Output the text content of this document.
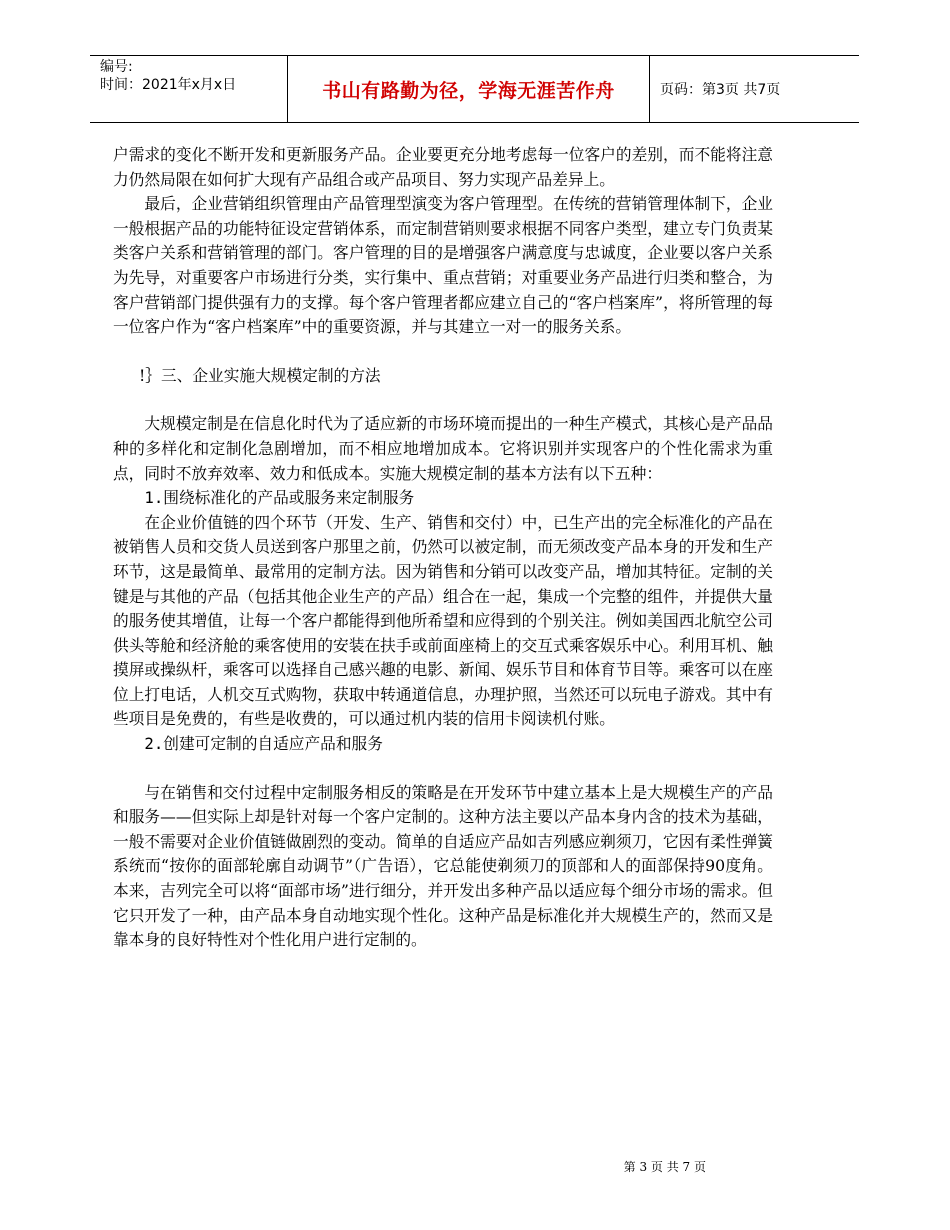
编号:
时间：2021年x月x日	书山有路勤为径，学海无涯苦作舟	页码：第3页 共7页

户需求的变化不断开发和更新服务产品。企业要更充分地考虑每一位客户的差别，而不能将注意力仍然局限在如何扩大现有产品组合或产品项目、努力实现产品差异上。

最后，企业营销组织管理由产品管理型演变为客户管理型。在传统的营销管理体制下，企业一般根据产品的功能特征设定营销体系，而定制营销则要求根据不同客户类型，建立专门负责某类客户关系和营销管理的部门。客户管理的目的是增强客户满意度与忠诚度，企业要以客户关系为先导，对重要客户市场进行分类，实行集中、重点营销；对重要业务产品进行归类和整合，为客户营销部门提供强有力的支撑。每个客户管理者都应建立自己的“客户档案库”，将所管理的每一位客户作为“客户档案库”中的重要资源，并与其建立一对一的服务关系。

!｝三、企业实施大规模定制的方法

大规模定制是在信息化时代为了适应新的市场环境而提出的一种生产模式，其核心是产品品种的多样化和定制化急剧增加，而不相应地增加成本。它将识别并实现客户的个性化需求为重点，同时不放弃效率、效力和低成本。实施大规模定制的基本方法有以下五种：

1.围绕标准化的产品或服务来定制服务

在企业价值链的四个环节（开发、生产、销售和交付）中，已生产出的完全标准化的产品在被销售人员和交货人员送到客户那里之前，仍然可以被定制，而无须改变产品本身的开发和生产环节，这是最简单、最常用的定制方法。因为销售和分销可以改变产品，增加其特征。定制的关键是与其他的产品（包括其他企业生产的产品）组合在一起，集成一个完整的组件，并提供大量的服务使其增值，让每一个客户都能得到他所希望和应得到的个别关注。例如美国西北航空公司供头等舱和经济舱的乘客使用的安装在扶手或前面座椅上的交互式乘客娱乐中心。利用耳机、触摸屏或操纵杆，乘客可以选择自己感兴趣的电影、新闻、娱乐节目和体育节目等。乘客可以在座位上打电话，人机交互式购物，获取中转通道信息，办理护照，当然还可以玩电子游戏。其中有些项目是免费的，有些是收费的，可以通过机内装的信用卡阅读机付账。

2.创建可定制的自适应产品和服务

与在销售和交付过程中定制服务相反的策略是在开发环节中建立基本上是大规模生产的产品和服务——但实际上却是针对每一个客户定制的。这种方法主要以产品本身内含的技术为基础，一般不需要对企业价值链做剧烈的变动。简单的自适应产品如吉列感应剃须刀，它因有柔性弹簧系统而“按你的面部轮廓自动调节”（广告语），它总能使剃须刀的顶部和人的面部保持90度角。本来，吉列完全可以将“面部市场”进行细分，并开发出多种产品以适应每个细分市场的需求。但它只开发了一种，由产品本身自动地实现个性化。这种产品是标准化并大规模生产的，然而又是靠本身的良好特性对个性化用户进行定制的。

第 3 页 共 7 页
